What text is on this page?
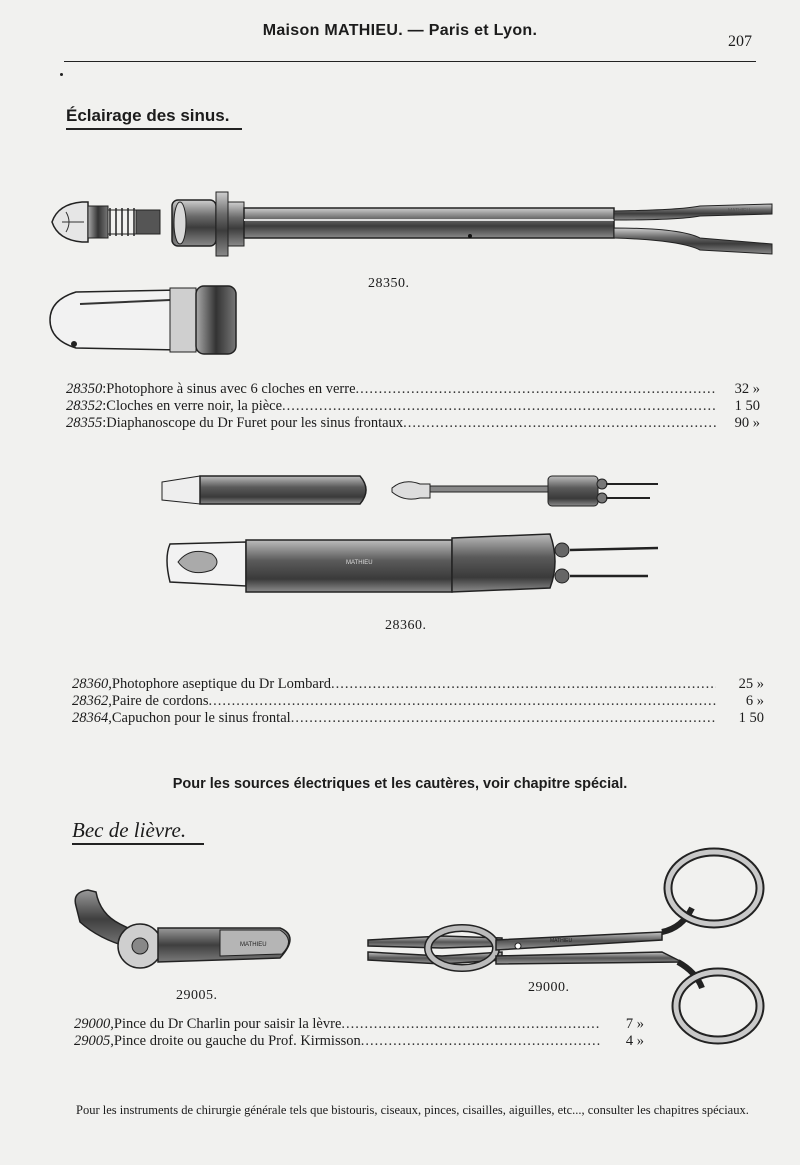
Maison MATHIEU. — Paris et Lyon.
207
Éclairage des sinus.
MATHIEU
28350.
28350 : Photophore à sinus avec 6 cloches en verre .....	32 »
28352 : Cloches en verre noir, la pièce .....	1 50
28355 : Diaphanoscope du Dr Furet pour les sinus frontaux .....	90 »
MATHIEU
28360.
28360 , Photophore aseptique du Dr Lombard .....	25 »
28362 , Paire de cordons .....	6 »
28364 , Capuchon pour le sinus frontal .....	1 50
Pour les sources électriques et les cautères, voir chapitre spécial.
Bec de lièvre.
MATHIEU
29005.
MATHIEU
29000.
29000 , Pince du Dr Charlin pour saisir la lèvre .....	7 »
29005 , Pince droite ou gauche du Prof. Kirmisson .....	4 »
Pour les instruments de chirurgie générale tels que bistouris, ciseaux, pinces, cisailles, aiguilles, etc..., consulter les chapitres spéciaux.
